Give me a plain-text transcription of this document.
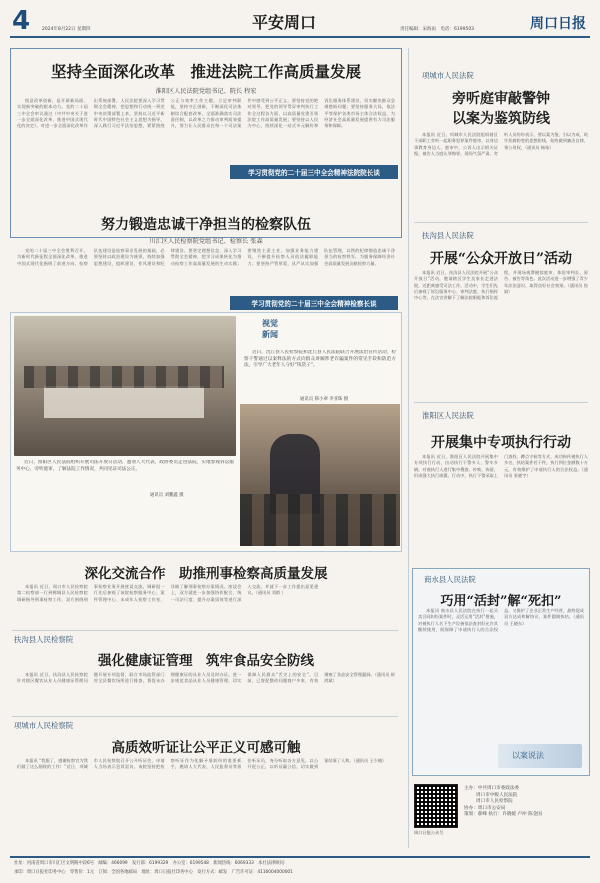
4	2024年8月22日 星期四	平安周口	责任编辑：宋海雨　电话：6199503	周口日报
坚持全面深化改革　推进法院工作高质量发展
淮阳区人民法院党组书记、院长 程宏

锐意改革创新，是开辟新局面、实现新突破的根本动力。党的二十届三中全会审议通过《中共中央关于进一步全面深化改革、推进中国式现代化的决定》，对进一步全面深化改革作出系统部署。人民法院要深入学习贯彻全会精神，把思想和行动统一到党中央决策部署上来，坚持以习近平新时代中国特色社会主义思想为指导，深入践行习近平法治思想，紧紧围绕公正与效率工作主题，立足审判职能，坚持守正创新，不断深化司法体制综合配套改革，全面准确落实司法责任制，以改革之力推动审判质效提升，努力让人民群众在每一个司法案件中感受到公平正义。要坚持党的绝对领导，把党的领导贯穿审判执行工作全过程各方面，以高质量党建引领法院工作高质量发展；要坚持以人民为中心，持续深化一站式多元解纷和诉讼服务体系建设，切实解决群众急难愁盼问题；要坚持服务大局，依法平等保护各类市场主体合法权益，为经济社会高质量发展提供有力司法服务和保障。

学习贯彻党的二十届三中全会精神法院院长谈
努力锻造忠诚干净担当的检察队伍
川汇区人民检察院党组书记、检察长 张森

党的二十届三中全会胜利召开，为新时代新征程全面深化改革、推进中国式现代化指明了前进方向。检察队伍建设是检察事业发展的基础，必须坚持以政治建设为统领，持续加强思想建设、组织建设、作风建设和纪律建设。要坚定理想信念，深入学习贯彻全会精神，把学习成果转化为推动检察工作高质量发展的生动实践；要聚焦主责主业，加强业务能力建设，不断提升检察人员依法履职能力；要坚持严管厚爱，从严从实加强队伍管理，以铁的纪律锻造忠诚干净担当的检察铁军，为服务保障经济社会高质量发展贡献检察力量。

学习贯彻党的二十届三中全会精神检察长谈
视觉
新闻

近日，沈丘县人民检察院和沈丘县人民法院联合开展法治宣传活动，检察干警通过以案释法的方式向群众讲解涉老诈骗案件的常见手段和防范方法，引导广大老年人守好“钱袋子”。

通讯员 韩小翠 李亚珠 摄

近日，淮阳区人民法院组织开展司法开放日活动，邀请人大代表、政协委员走进法院，实地参观诉讼服务中心，旁听庭审，了解法院工作情况，共同见证司法公正。

通讯员 刘鹏鑫 摄
深化交流合作　助推刑事检察高质量发展

本报讯 近日，周口市人民检察院第二检察部一行到郸城县人民检察院调研指导刑事检察工作，双方围绕刑事检察业务开展座谈交流。调研组一行先后参观了该院检察服务中心、案件管理中心、未成年人检察工作室，详细了解刑事检察办案情况。座谈会上，双方就进一步加强协作配合、统一司法尺度、提升办案质效等进行深入交流，并就下一步工作提出意见建议。（通讯员 刘群 ）

扶沟县人民检察院
强化健康证管理　筑牢食品安全防线

本报讯 近日，扶沟县人民检察院针对辖区餐饮从业人员健康证管理问题开展专项监督，联合市场监管部门对全县餐饮场所进行排查，督促未办理健康证的从业人员及时办证，进一步规范食品从业人员健康管理，切实保障人民群众“舌尖上的安全”。目前，已督促整改问题商户多家，有效堵塞了食品安全管理漏洞。（通讯员 崔鸿斌）

项城市人民检察院
高质效听证让公平正义可感可触

本报讯 “我服了，感谢检察官为我们做了这么细致的工作！”近日，项城市人民检察院召开公开听证会，申请人当场表示息诉罢访。该院坚持把检察听证作为化解矛盾纠纷的重要抓手，邀请人大代表、人民监督员等担任听证员，充分听取各方意见，以公开促公正，以听证赢公信，切实做到案结事了人和。（通讯员 王少楠）

项城市人民法院
旁听庭审敲警钟
以案为鉴筑防线

本报讯 近日，项城市人民法院组织辖区干部职工旁听一起职务犯罪案件庭审，以身边事教育身边人。庭审中，公诉人出示相关证据，被告人当庭认罪悔罪，现场气氛严肃。旁听人员纷纷表示，要以案为鉴、引以为戒，筑牢拒腐防变的思想防线，始终做到廉洁自律、秉公用权。（通讯员 杨灿）

扶沟县人民法院
开展“公众开放日”活动

本报讯 近日，扶沟县人民法院开展“公众开放日”活动，邀请辖区学生及家长走进法院，近距离感受司法工作。活动中，学生们先后参观了诉讼服务中心、审判法庭、执行指挥中心等，在法官讲解下了解法院职能和诉讼流程，并现场观摩模拟庭审，体验审判长、原告、被告等角色。此次活动进一步增强了青少年法治意识，取得良好社会效果。（通讯员 焦斌）

淮阳区人民法院
开展集中专项执行行动

本报讯 近日，淮阳区人民法院开展集中专项执行行动，出动执行干警多人、警车多辆，对被执行人进行集中搜查、传唤、拘留，形成强大执行威慑。行动中，执行干警采取上门查找、蹲点守候等方式，成功拘传被执行人多名，执结案件若干件，执行到位金额数十万元，有效维护了申请执行人的合法权益。（通讯员 张晓宇）

商水县人民法院
巧用“活封”解“死扣”

本报讯 商水县人民法院在执行一起买卖合同纠纷案件时，灵活运用“活封”措施，对被执行人名下生产设备依法查封但允许其继续使用，既保障了申请执行人的合法权益，又维护了企业正常生产经营，最终促成双方达成和解协议，案件圆满执结。（通讯员 王晓东）

以案说法
周口日报公众号
主办：中共周口市委政法委
周口市中级人民法院
周口市人民检察院
协办：周口市公安局
策划：郝峰 执行：许晓媛 卢冲 陈金国
社址：河南省周口市川汇区文明路中段6号　邮编：466099　发行部：6199329　办公室：6199548　新闻热线：6069333　本社法律顾问：
承印：周口日报社印务中心　零售价：1元　订阅：全国各地邮局　地址：周口日报社印务中心　发行方式：邮发　广告许可证：4116004000001
